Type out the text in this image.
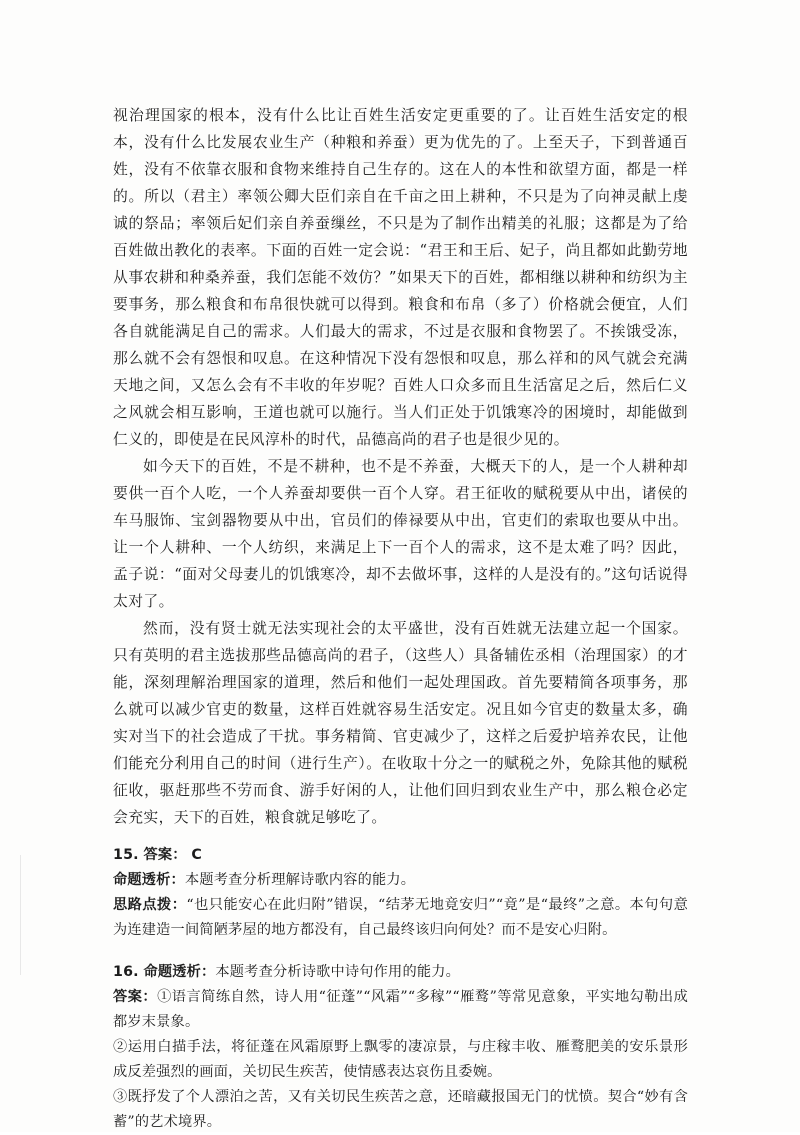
视治理国家的根本，没有什么比让百姓生活安定更重要的了。让百姓生活安定的根本，没有什么比发展农业生产（种粮和养蚕）更为优先的了。上至天子，下到普通百姓，没有不依靠衣服和食物来维持自己生存的。这在人的本性和欲望方面，都是一样的。所以（君主）率领公卿大臣们亲自在千亩之田上耕种，不只是为了向神灵献上虔诚的祭品；率领后妃们亲自养蚕缫丝，不只是为了制作出精美的礼服；这都是为了给百姓做出教化的表率。下面的百姓一定会说：“君王和王后、妃子，尚且都如此勤劳地从事农耕和种桑养蚕，我们怎能不效仿？”如果天下的百姓，都相继以耕种和纺织为主要事务，那么粮食和布帛很快就可以得到。粮食和布帛（多了）价格就会便宜，人们各自就能满足自己的需求。人们最大的需求，不过是衣服和食物罢了。不挨饿受冻，那么就不会有怨恨和叹息。在这种情况下没有怨恨和叹息，那么祥和的风气就会充满天地之间，又怎么会有不丰收的年岁呢？百姓人口众多而且生活富足之后，然后仁义之风就会相互影响，王道也就可以施行。当人们正处于饥饿寒冷的困境时，却能做到仁义的，即使是在民风淳朴的时代，品德高尚的君子也是很少见的。

如今天下的百姓，不是不耕种，也不是不养蚕，大概天下的人，是一个人耕种却要供一百个人吃，一个人养蚕却要供一百个人穿。君王征收的赋税要从中出，诸侯的车马服饰、宝剑器物要从中出，官员们的俸禄要从中出，官吏们的索取也要从中出。让一个人耕种、一个人纺织，来满足上下一百个人的需求，这不是太难了吗？因此，孟子说：“面对父母妻儿的饥饿寒冷，却不去做坏事，这样的人是没有的。”这句话说得太对了。

然而，没有贤士就无法实现社会的太平盛世，没有百姓就无法建立起一个国家。只有英明的君主选拔那些品德高尚的君子，（这些人）具备辅佐丞相（治理国家）的才能，深刻理解治理国家的道理，然后和他们一起处理国政。首先要精简各项事务，那么就可以减少官吏的数量，这样百姓就容易生活安定。况且如今官吏的数量太多，确实对当下的社会造成了干扰。事务精简、官吏减少了，这样之后爱护培养农民，让他们能充分利用自己的时间（进行生产）。在收取十分之一的赋税之外，免除其他的赋税征收，驱赶那些不劳而食、游手好闲的人，让他们回归到农业生产中，那么粮仓必定会充实，天下的百姓，粮食就足够吃了。

15. 答案： C

命题透析：本题考查分析理解诗歌内容的能力。

思路点拨：“也只能安心在此归附”错误，“结茅无地竟安归”“竟”是“最终”之意。本句句意为连建造一间简陋茅屋的地方都没有，自己最终该归向何处？而不是安心归附。

16. 命题透析：本题考查分析诗歌中诗句作用的能力。

答案：①语言简练自然，诗人用“征蓬”“风霜”“多稼”“雁鹜”等常见意象，平实地勾勒出成都岁末景象。

②运用白描手法，将征蓬在风霜原野上飘零的凄凉景，与庄稼丰收、雁鹜肥美的安乐景形成反差强烈的画面，关切民生疾苦，使情感表达哀伤且委婉。

③既抒发了个人漂泊之苦，又有关切民生疾苦之意，还暗藏报国无门的忧愤。契合“妙有含蓄”的艺术境界。
